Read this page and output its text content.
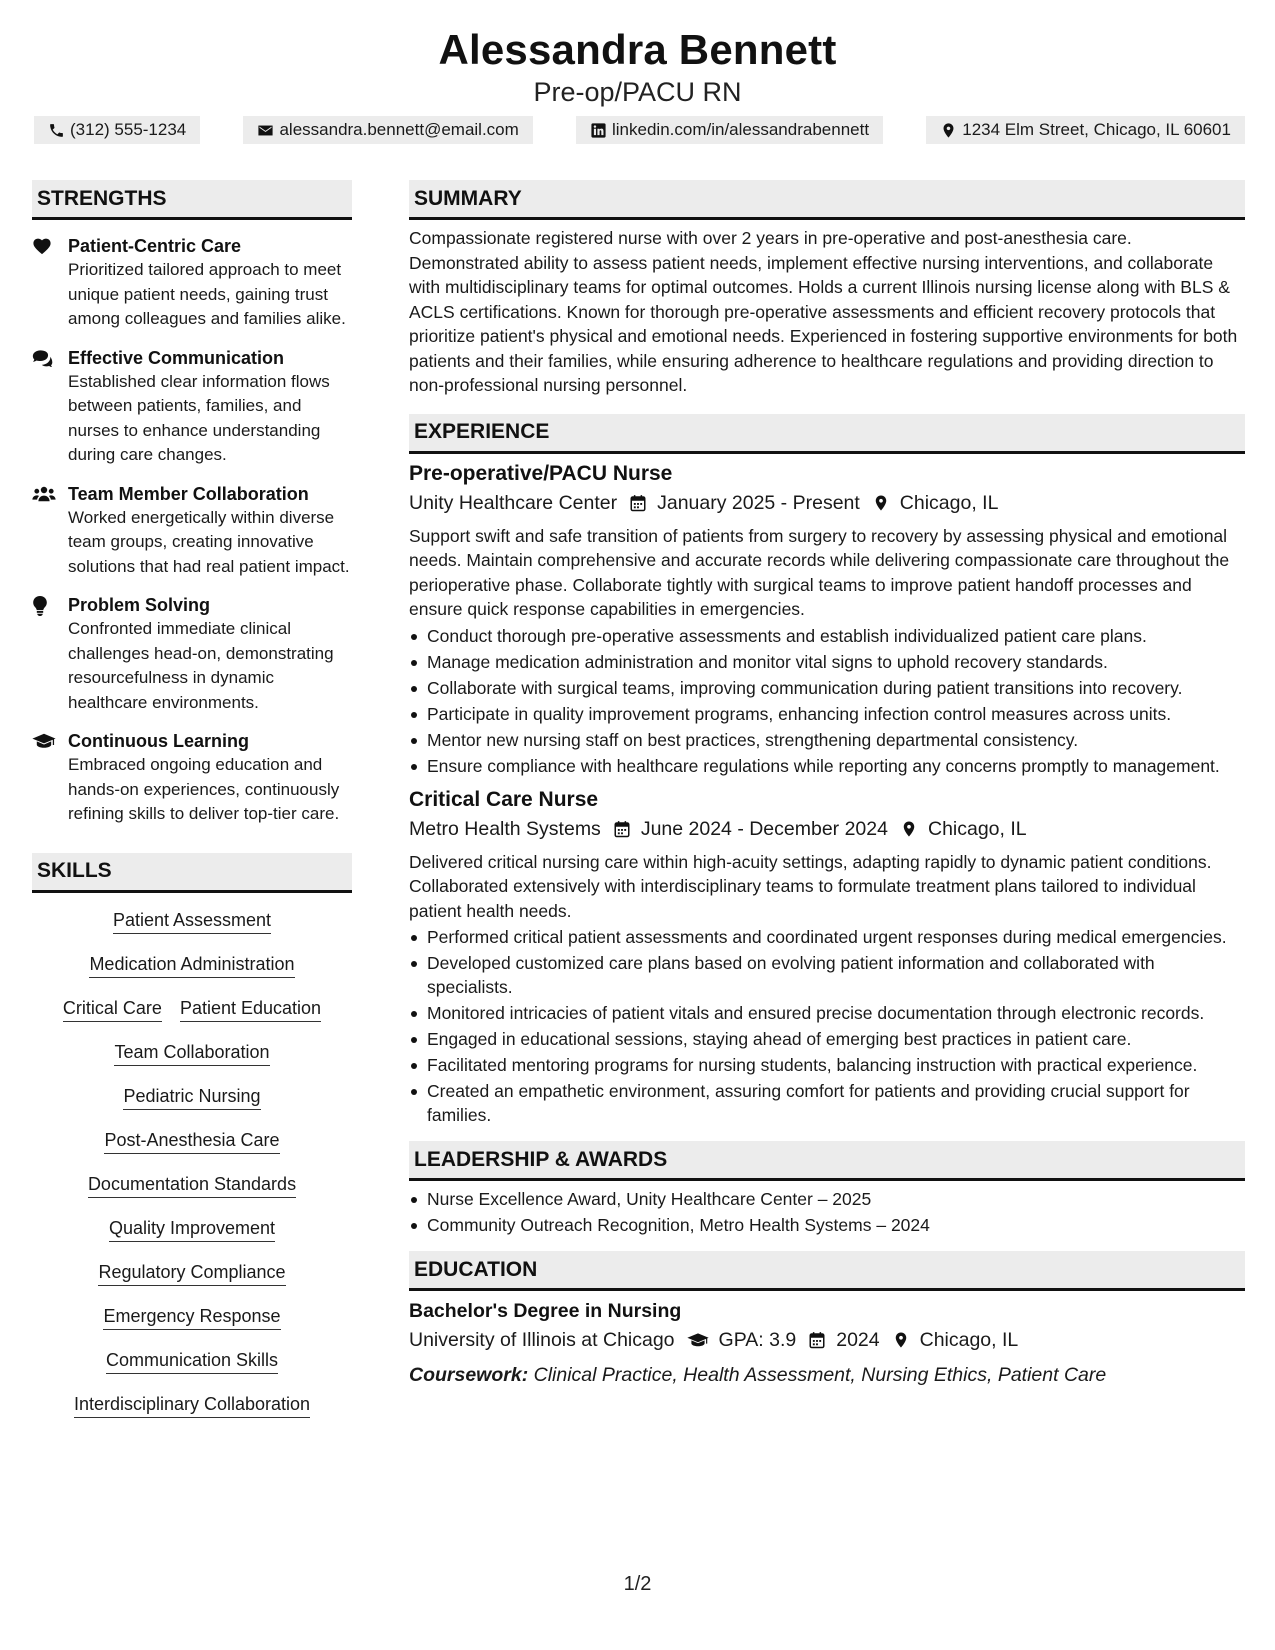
Alessandra Bennett
Pre-op/PACU RN
(312) 555-1234	alessandra.bennett@email.com	linkedin.com/in/alessandrabennett	1234 Elm Street, Chicago, IL 60601
STRENGTHS
Patient-Centric Care
Prioritized tailored approach to meet unique patient needs, gaining trust among colleagues and families alike.
Effective Communication
Established clear information flows between patients, families, and nurses to enhance understanding during care changes.
Team Member Collaboration
Worked energetically within diverse team groups, creating innovative solutions that had real patient impact.
Problem Solving
Confronted immediate clinical challenges head-on, demonstrating resourcefulness in dynamic healthcare environments.
Continuous Learning
Embraced ongoing education and hands-on experiences, continuously refining skills to deliver top-tier care.
SKILLS
Patient Assessment
Medication Administration
Critical Care Patient Education
Team Collaboration
Pediatric Nursing
Post-Anesthesia Care
Documentation Standards
Quality Improvement
Regulatory Compliance
Emergency Response
Communication Skills
Interdisciplinary Collaboration
SUMMARY
Compassionate registered nurse with over 2 years in pre-operative and post-anesthesia care. Demonstrated ability to assess patient needs, implement effective nursing interventions, and collaborate with multidisciplinary teams for optimal outcomes. Holds a current Illinois nursing license along with BLS & ACLS certifications. Known for thorough pre-operative assessments and efficient recovery protocols that prioritize patient's physical and emotional needs. Experienced in fostering supportive environments for both patients and their families, while ensuring adherence to healthcare regulations and providing direction to non-professional nursing personnel.
EXPERIENCE
Pre-operative/PACU Nurse
Unity Healthcare Center January 2025 - Present Chicago, IL
Support swift and safe transition of patients from surgery to recovery by assessing physical and emotional needs. Maintain comprehensive and accurate records while delivering compassionate care throughout the perioperative phase. Collaborate tightly with surgical teams to improve patient handoff processes and ensure quick response capabilities in emergencies.
Conduct thorough pre-operative assessments and establish individualized patient care plans.
Manage medication administration and monitor vital signs to uphold recovery standards.
Collaborate with surgical teams, improving communication during patient transitions into recovery.
Participate in quality improvement programs, enhancing infection control measures across units.
Mentor new nursing staff on best practices, strengthening departmental consistency.
Ensure compliance with healthcare regulations while reporting any concerns promptly to management.
Critical Care Nurse
Metro Health Systems June 2024 - December 2024 Chicago, IL
Delivered critical nursing care within high-acuity settings, adapting rapidly to dynamic patient conditions. Collaborated extensively with interdisciplinary teams to formulate treatment plans tailored to individual patient health needs.
Performed critical patient assessments and coordinated urgent responses during medical emergencies.
Developed customized care plans based on evolving patient information and collaborated with specialists.
Monitored intricacies of patient vitals and ensured precise documentation through electronic records.
Engaged in educational sessions, staying ahead of emerging best practices in patient care.
Facilitated mentoring programs for nursing students, balancing instruction with practical experience.
Created an empathetic environment, assuring comfort for patients and providing crucial support for families.
LEADERSHIP & AWARDS
Nurse Excellence Award, Unity Healthcare Center – 2025
Community Outreach Recognition, Metro Health Systems – 2024
EDUCATION
Bachelor's Degree in Nursing
University of Illinois at Chicago GPA: 3.9 2024 Chicago, IL
Coursework: Clinical Practice, Health Assessment, Nursing Ethics, Patient Care
1/2
